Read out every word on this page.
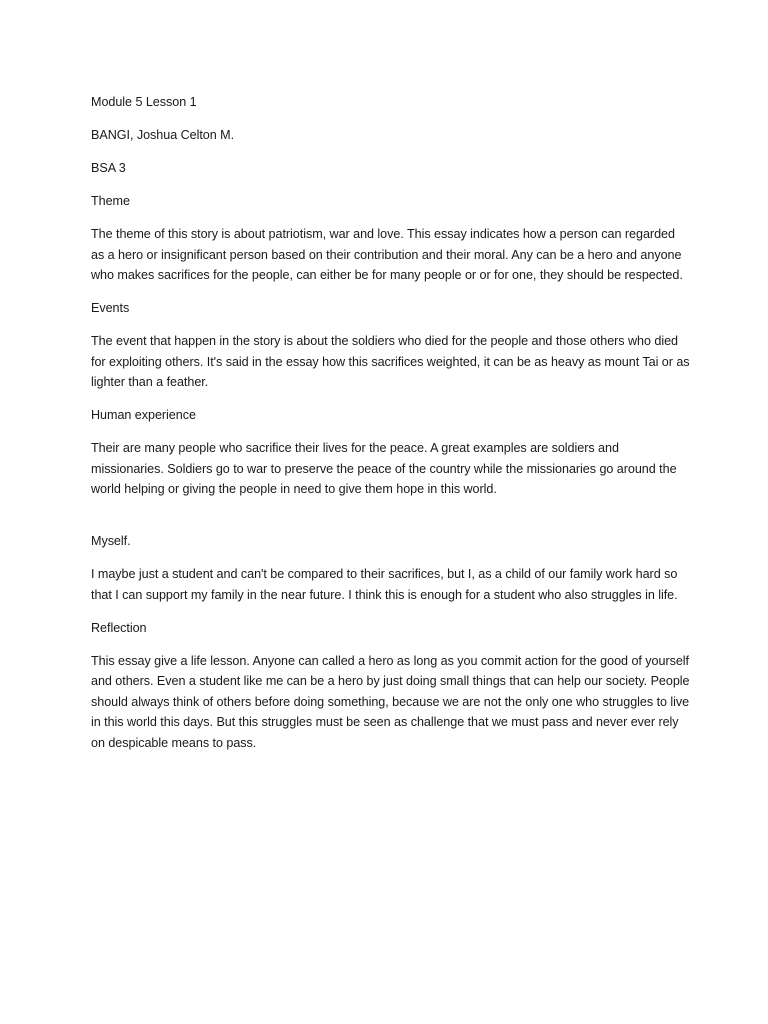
Module 5 Lesson 1

BANGI, Joshua Celton M.

BSA 3

Theme

The theme of this story is about patriotism, war and love. This essay indicates how a person can regarded as a hero or insignificant person based on their contribution and their moral. Any can be a hero and anyone who makes sacrifices for the people, can either be for many people or or for one, they should be respected.

Events

The event that happen in the story is about the soldiers who died for the people and those others who died for exploiting others. It's said in the essay how this sacrifices weighted, it can be as heavy as mount Tai or as lighter than a feather.

Human experience

Their are many people who sacrifice their lives for the peace. A great examples are soldiers and missionaries. Soldiers go to war to preserve the peace of the country while the missionaries go around the world helping or giving the people in need to give them hope in this world.

Myself.

I maybe just a student and can't be compared to their sacrifices, but I, as a child of our family work hard so that I can support my family in the near future. I think this is enough for a student who also struggles in life.

Reflection

This essay give a life lesson. Anyone can called a hero as long as you commit action for the good of yourself and others. Even a student like me can be a hero by just doing small things that can help our society. People should always think of others before doing something, because we are not the only one who struggles to live in this world this days. But this struggles must be seen as challenge that we must pass and never ever rely on despicable means to pass.
